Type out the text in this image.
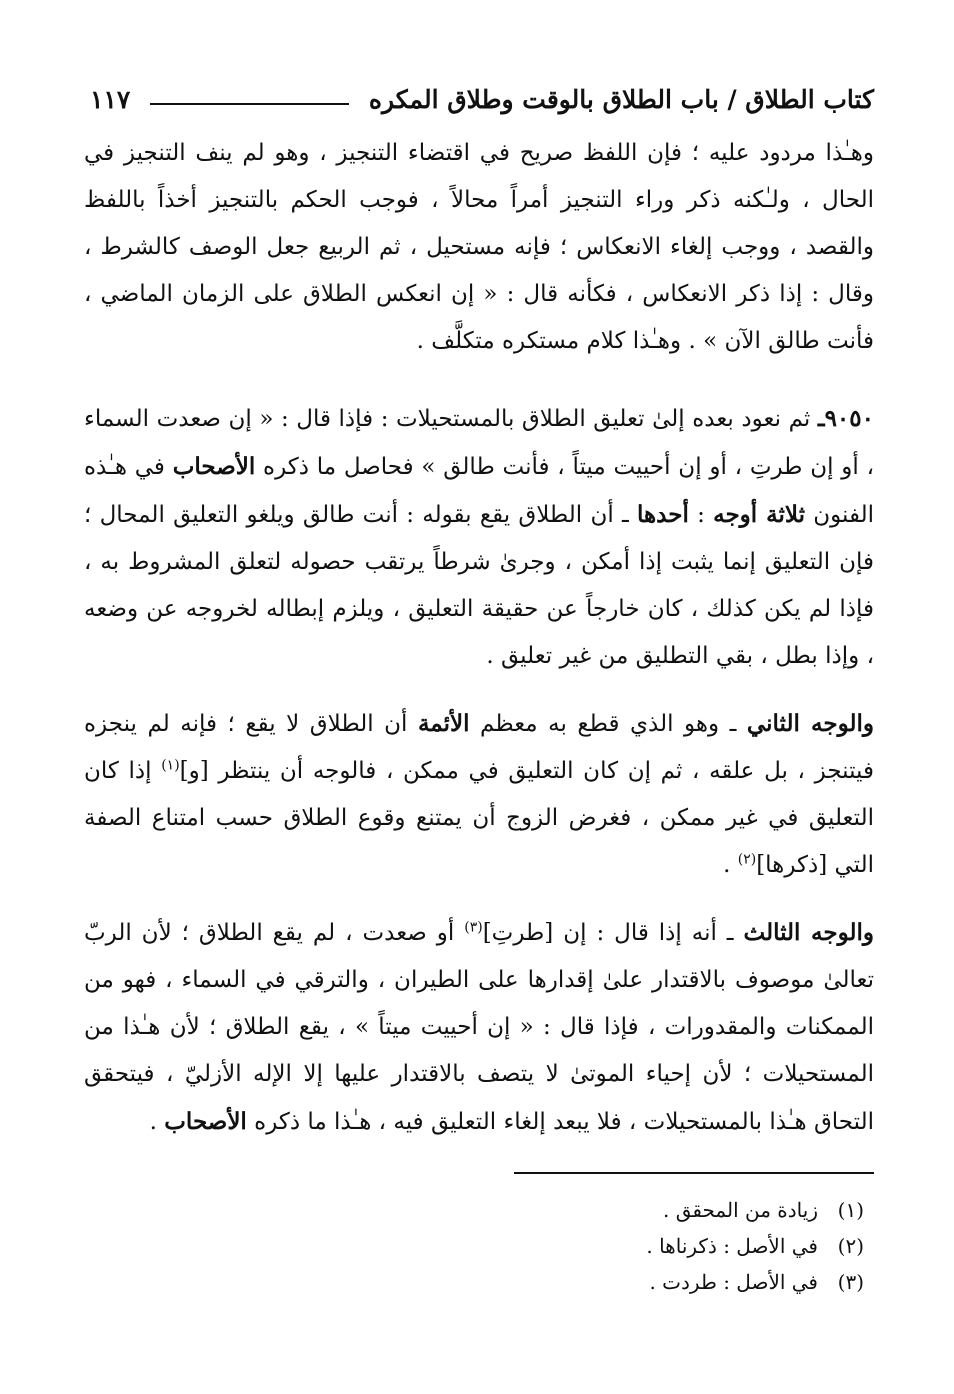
كتاب الطلاق / باب الطلاق بالوقت وطلاق المكره
١١٧

وهـٰذا مردود عليه ؛ فإن اللفظ صريح في اقتضاء التنجيز ، وهو لم ينف التنجيز في الحال ، ولـٰكنه ذكر وراء التنجيز أمراً محالاً ، فوجب الحكم بالتنجيز أخذاً باللفظ والقصد ، ووجب إلغاء الانعكاس ؛ فإنه مستحيل ، ثم الربيع جعل الوصف كالشرط ، وقال : إذا ذكر الانعكاس ، فكأنه قال : « إن انعكس الطلاق على الزمان الماضي ، فأنت طالق الآن » . وهـٰذا كلام مستكره متكلَّف .

٩٠٥٠ـ ثم نعود بعده إلىٰ تعليق الطلاق بالمستحيلات : فإذا قال : « إن صعدت السماء ، أو إن طرتِ ، أو إن أحييت ميتاً ، فأنت طالق » فحاصل ما ذكره الأصحاب في هـٰذه الفنون ثلاثة أوجه : أحدها ـ أن الطلاق يقع بقوله : أنت طالق ويلغو التعليق المحال ؛ فإن التعليق إنما يثبت إذا أمكن ، وجرىٰ شرطاً يرتقب حصوله لتعلق المشروط به ، فإذا لم يكن كذلك ، كان خارجاً عن حقيقة التعليق ، ويلزم إبطاله لخروجه عن وضعه ، وإذا بطل ، بقي التطليق من غير تعليق .

والوجه الثاني ـ وهو الذي قطع به معظم الأئمة أن الطلاق لا يقع ؛ فإنه لم ينجزه فيتنجز ، بل علقه ، ثم إن كان التعليق في ممكن ، فالوجه أن ينتظر [و]$^{(١)}$ إذا كان التعليق في غير ممكن ، فغرض الزوج أن يمتنع وقوع الطلاق حسب امتناع الصفة التي [ذكرها]$^{(٢)}$ .

والوجه الثالث ـ أنه إذا قال : إن [طرتِ]$^{(٣)}$ أو صعدت ، لم يقع الطلاق ؛ لأن الربّ تعالىٰ موصوف بالاقتدار علىٰ إقدارها على الطيران ، والترقي في السماء ، فهو من الممكنات والمقدورات ، فإذا قال : « إن أحييت ميتاً » ، يقع الطلاق ؛ لأن هـٰذا من المستحيلات ؛ لأن إحياء الموتىٰ لا يتصف بالاقتدار عليها إلا الإله الأزليّ ، فيتحقق التحاق هـٰذا بالمستحيلات ، فلا يبعد إلغاء التعليق فيه ، هـٰذا ما ذكره الأصحاب .

(١)
زيادة من المحقق .
(٢)
في الأصل : ذكرناها .
(٣)
في الأصل : طردت .
